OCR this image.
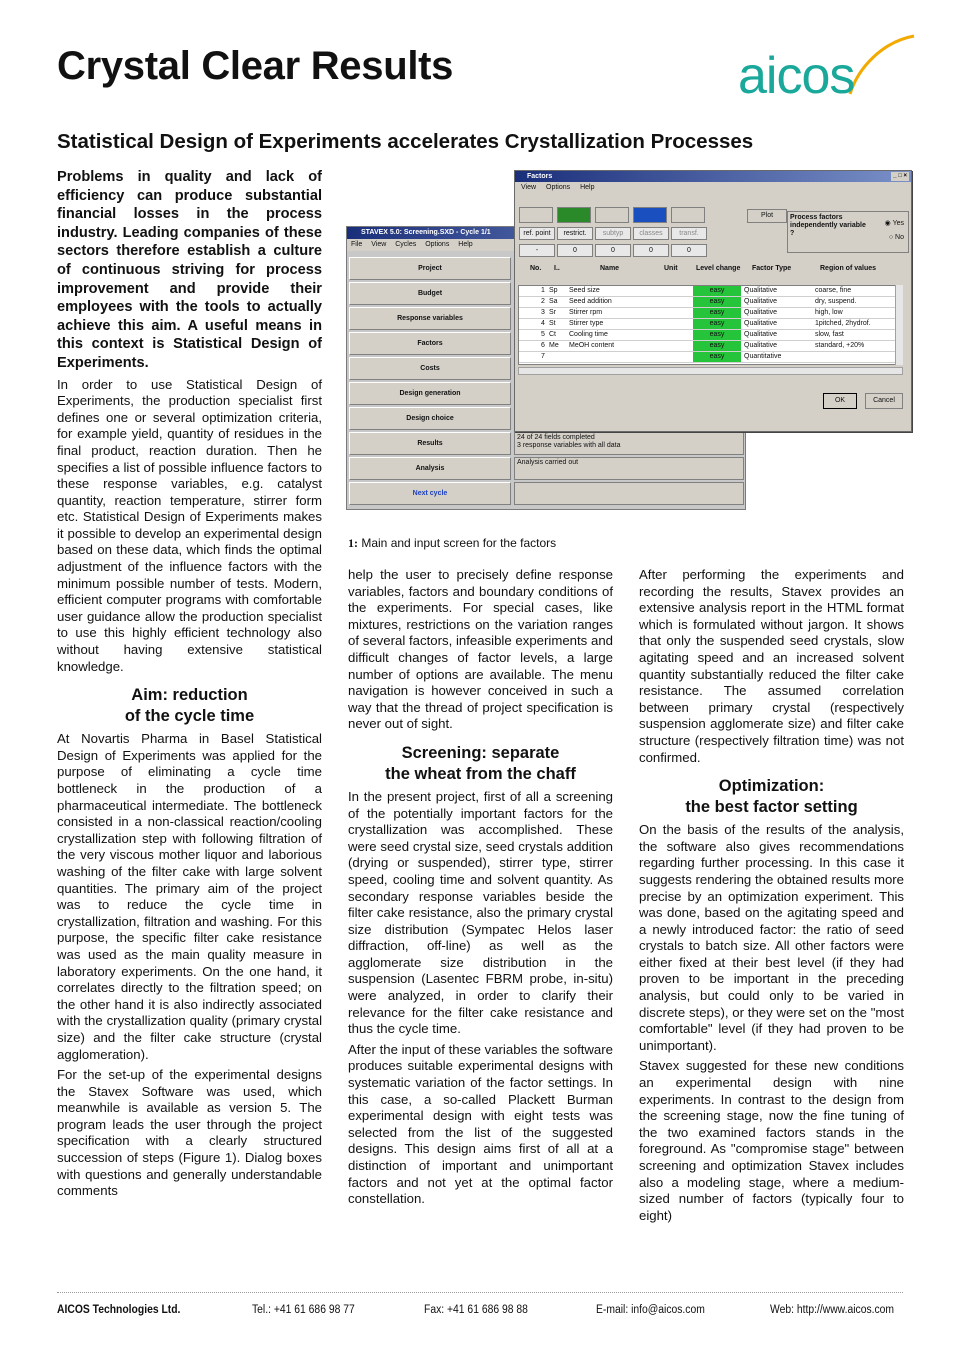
Crystal Clear Results	aicos
Statistical Design of Experiments accelerates Crystallization Processes

Problems in quality and lack of efficiency can produce substantial financial losses in the process industry. Leading companies of these sectors therefore establish a culture of continuous striving for process improvement and provide their employees with the tools to actually achieve this aim. A useful means in this context is Statistical Design of Experiments.

In order to use Statistical Design of Experiments, the production specialist first defines one or several optimization criteria, for example yield, quantity of residues in the final product, reaction duration. Then he specifies a list of possible influence factors to these response variables, e.g. catalyst quantity, reaction temperature, stirrer form etc. Statistical Design of Experiments makes it possible to develop an experimental design based on these data, which finds the optimal adjustment of the influence factors with the minimum possible number of tests. Modern, efficient computer programs with comfortable user guidance allow the production specialist to use this highly efficient technology also without having extensive statistical knowledge.

Aim: reduction
of the cycle time

At Novartis Pharma in Basel Statistical Design of Experiments was applied for the purpose of eliminating a cycle time bottleneck in the production of a pharmaceutical intermediate. The bottleneck consisted in a non-classical reaction/cooling crystallization step with following filtration of the very viscous mother liquor and laborious washing of the filter cake with large solvent quantities. The primary aim of the project was to reduce the cycle time in crystallization, filtration and washing. For this purpose, the specific filter cake resistance was used as the main quality measure in laboratory experiments. On the one hand, it correlates directly to the filtration speed; on the other hand it is also indirectly associated with the crystallization quality (primary crystal size) and the filter cake structure (crystal agglomeration).

For the set-up of the experimental designs the Stavex Software was used, which meanwhile is available as version 5. The program leads the user through the project specification with a clearly structured succession of steps (Figure 1). Dialog boxes with questions and generally understandable comments

STAVEX 5.0: Screening.SXD - Cycle 1/1
File View Cycles Options Help
Project
Budget
Response variables
Factors
Costs
Design generation
Design choice
Results
Analysis
Next cycle
24 of 24 fields completed
3 response variables with all data
Analysis carried out
Factors	_ □ ×
View Options Help
Plot	Process factors independently variable ?
◉ Yes
○ No
ref. point	restrict.	subtyp	classes	transf.
-	0	0	0	0
No. I..	Name	Unit	Level change Factor Type	Region of values
1 Sp Seed size	easy	Qualitative	coarse, fine
2 Sa Seed addition	easy	Qualitative	dry, suspend.
3 Sr Stirrer rpm	easy	Qualitative	high, low
4 St Stirrer type	easy	Qualitative	1pitched, 2hydrof.
5 Ct Cooling time	easy	Qualitative	slow, fast
6 Me MeOH content	easy	Qualitative	standard, +20%
7	easy	Quantitative
OK	Cancel
1: Main and input screen for the factors

help the user to precisely define response variables, factors and boundary conditions of the experiments. For special cases, like mixtures, restrictions on the variation ranges of several factors, infeasible experiments and difficult changes of factor levels, a large number of options are available. The menu navigation is however conceived in such a way that the thread of project specification is never out of sight.

Screening: separate
the wheat from the chaff

In the present project, first of all a screening of the potentially important factors for the crystallization was accomplished. These were seed crystal size, seed crystals addition (drying or suspended), stirrer type, stirrer speed, cooling time and solvent quantity. As secondary response variables beside the filter cake resistance, also the primary crystal size distribution (Sympatec Helos laser diffraction, off-line) as well as the agglomerate size distribution in the suspension (Lasentec FBRM probe, in-situ) were analyzed, in order to clarify their relevance for the filter cake resistance and thus the cycle time.

After the input of these variables the software produces suitable experimental designs with systematic variation of the factor settings. In this case, a so-called Plackett Burman experimental design with eight tests was selected from the list of the suggested designs. This design aims first of all at a distinction of important and unimportant factors and not yet at the optimal factor constellation.

After performing the experiments and recording the results, Stavex provides an extensive analysis report in the HTML format which is formulated without jargon. It shows that only the suspended seed crystals, slow agitating speed and an increased solvent quantity substantially reduced the filter cake resistance. The assumed correlation between primary crystal (respectively suspension agglomerate size) and filter cake structure (respectively filtration time) was not confirmed.

Optimization:
the best factor setting

On the basis of the results of the analysis, the software also gives recommendations regarding further processing. In this case it suggests rendering the obtained results more precise by an optimization experiment. This was done, based on the agitating speed and a newly introduced factor: the ratio of seed crystals to batch size. All other factors were either fixed at their best level (if they had proven to be important in the preceding analysis, but could only to be varied in discrete steps), or they were set on the "most comfortable" level (if they had proven to be unimportant).

Stavex suggested for these new conditions an experimental design with nine experiments. In contrast to the design from the screening stage, now the fine tuning of the two examined factors stands in the foreground. As "compromise stage" between screening and optimization Stavex includes also a modeling stage, where a medium-sized number of factors (typically four to eight)

AICOS Technologies Ltd.	Tel.: +41 61 686 98 77	Fax: +41 61 686 98 88	E-mail: info@aicos.com	Web: http://www.aicos.com
